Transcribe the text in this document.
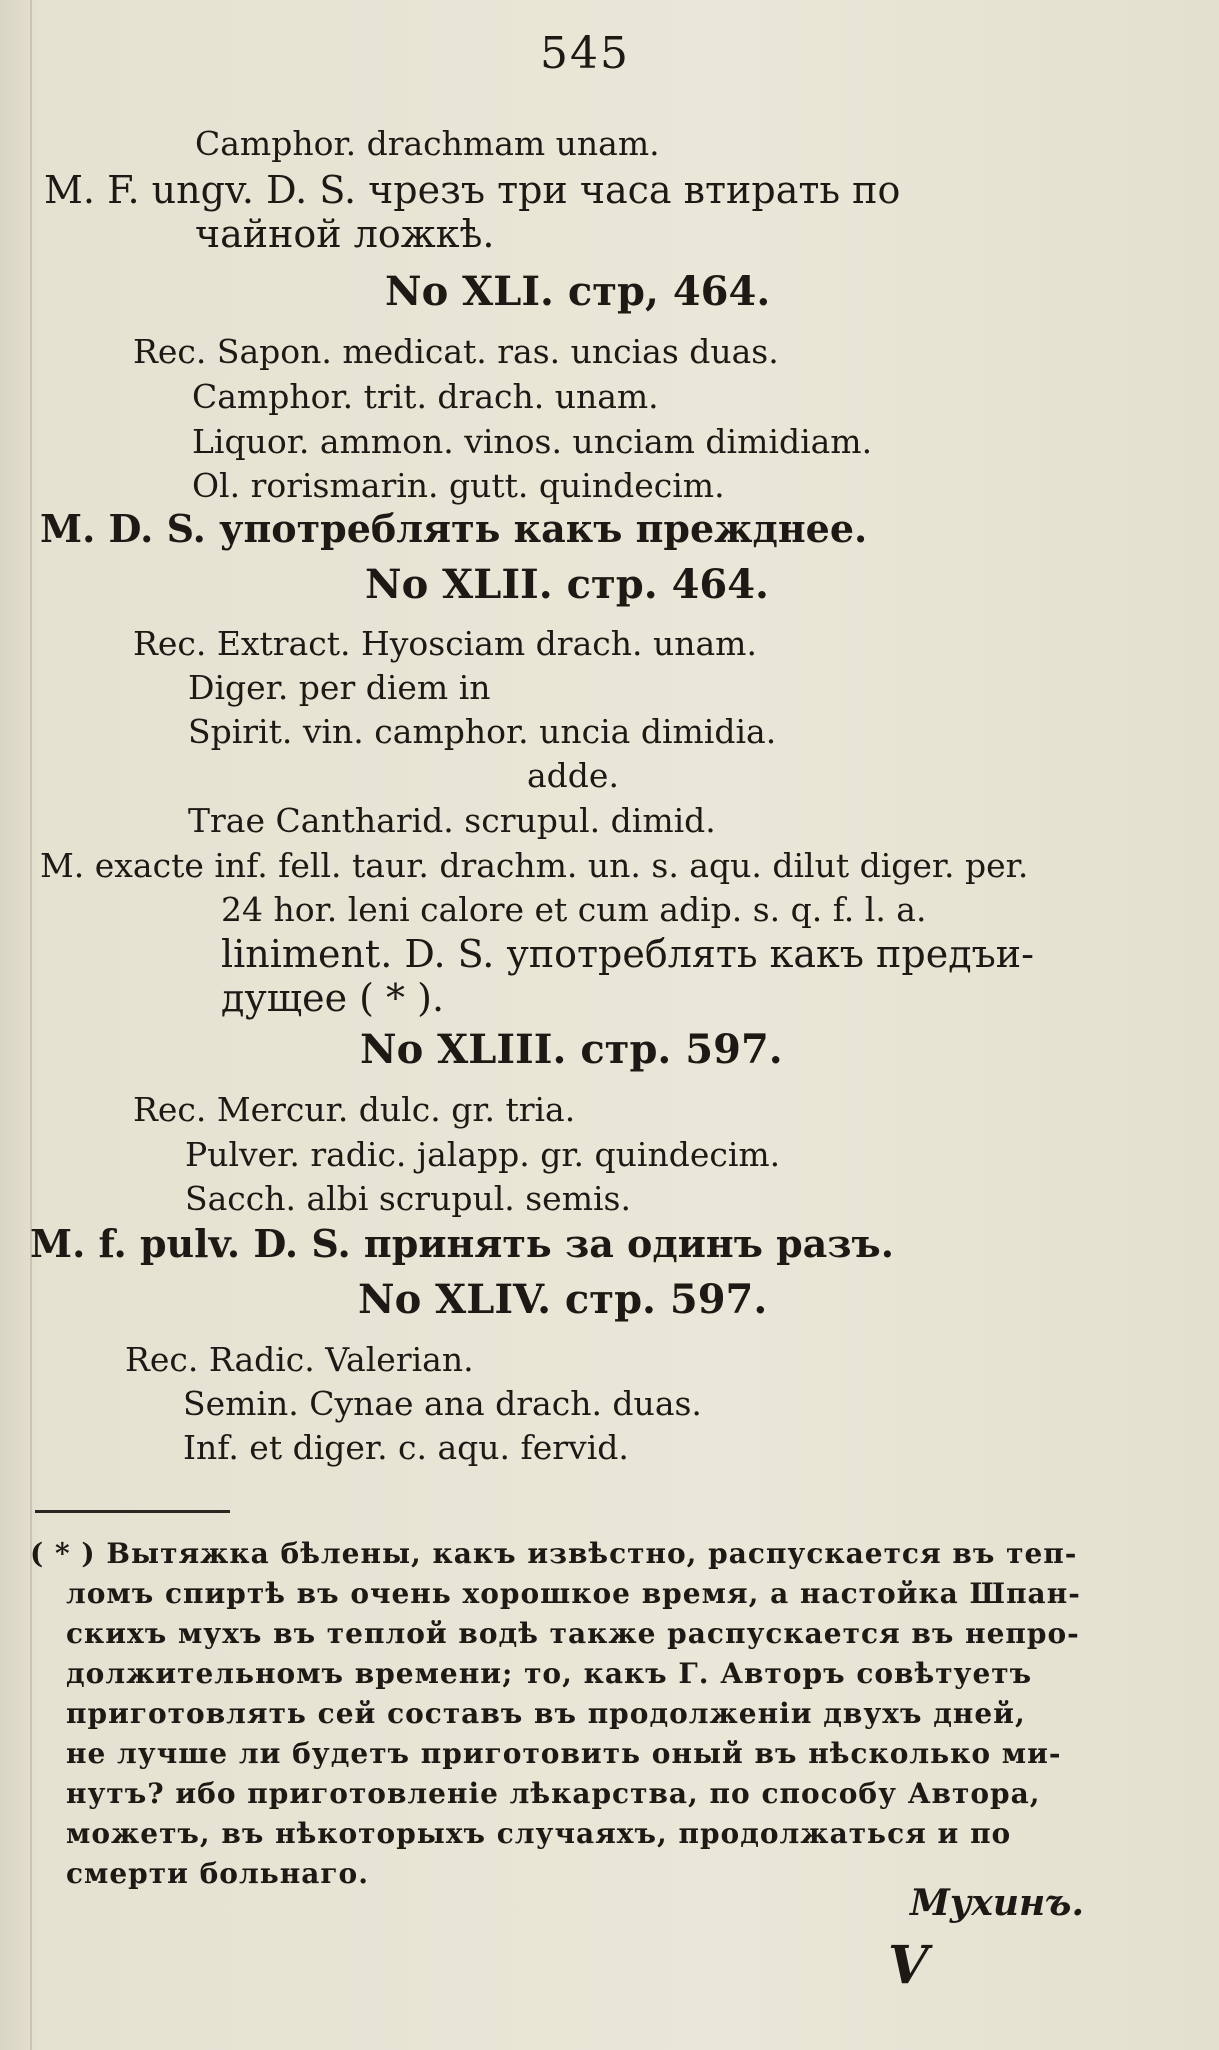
545
Camphor. drachmam unam.
M. F. ungv. D. S. чрезъ три часа втирать по
чайной ложкѣ.
No XLI. стр, 464.
Rec. Sapon. medicat. ras. uncias duas.
Camphor. trit. drach. unam.
Liquor. ammon. vinos. unciam dimidiam.
Ol. rorismarin. gutt. quindecim.
M. D. S. употреблять какъ прежднее.
No XLII. стр. 464.
Rec. Extract. Hyosciam drach. unam.
Diger. per diem in
Spirit. vin. camphor. uncia dimidia.
adde.
Trae Cantharid. scrupul. dimid.
M. exacte inf. fell. taur. drachm. un. s. aqu. dilut diger. per.
24 hor. leni calore et cum adip. s. q. f. l. a.
liniment. D. S. употреблять какъ предъи-
дущее ( * ).
No XLIII. стр. 597.
Rec. Mercur. dulc. gr. tria.
Pulver. radic. jalapp. gr. quindecim.
Sacch. albi scrupul. semis.
M. f. pulv. D. S. принять за одинъ разъ.
No XLIV. стр. 597.
Rec. Radic. Valerian.
Semin. Cynae ana drach. duas.
Inf. et diger. c. aqu. fervid.
( * ) Вытяжка бѣлены, какъ извѣстно, распускается въ теп-
ломъ спиртѣ въ очень хорошкое время, а настойка Шпан-
скихъ мухъ въ теплой водѣ также распускается въ непро-
должительномъ времени; то, какъ Г. Авторъ совѣтуетъ
приготовлять сей составъ въ продолженiи двухъ дней,
не лучше ли будетъ приготовить оный въ нѣсколько ми-
нутъ? ибо приготовленіе лѣкарства, по способу Автора,
можетъ, въ нѣкоторыхъ случаяхъ, продолжаться и по
смерти больнаго.
Мухинъ.
V
